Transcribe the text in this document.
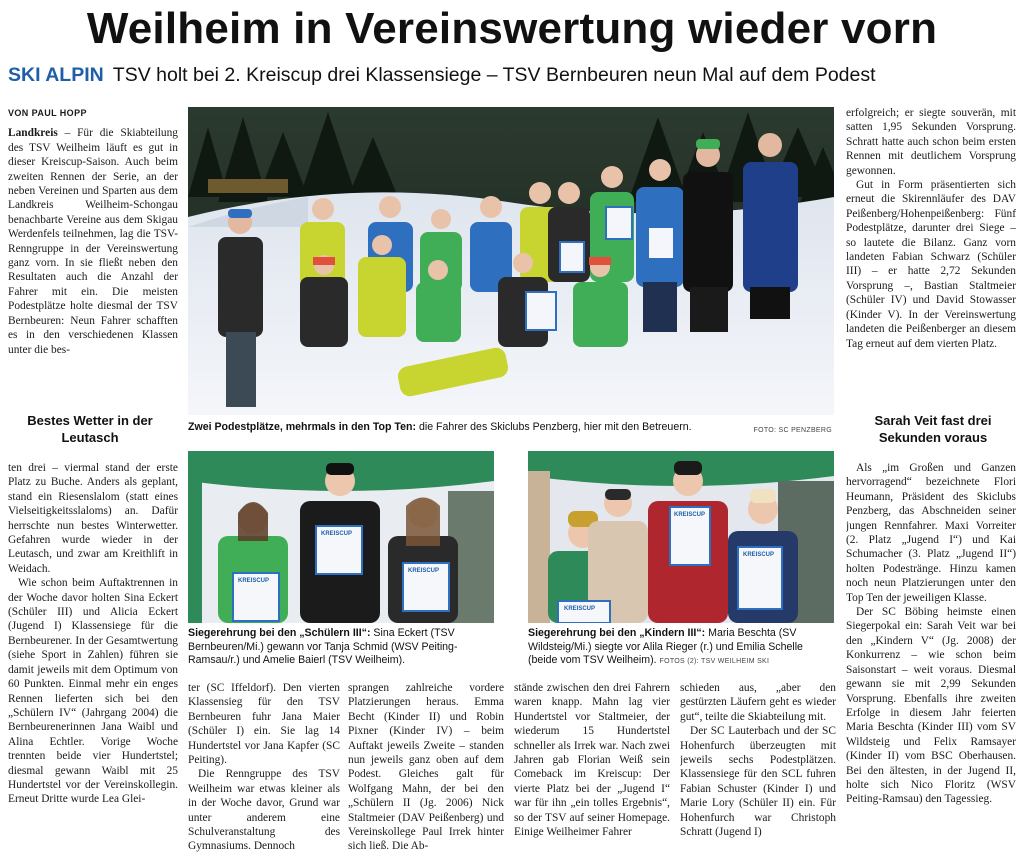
Weilheim in Vereinswertung wieder vorn
SKI ALPIN TSV holt bei 2. Kreiscup drei Klassensiege – TSV Bernbeuren neun Mal auf dem Podest
VON PAUL HOPP

Landkreis – Für die Skiabteilung des TSV Weilheim läuft es gut in dieser Kreiscup-Saison. Auch beim zweiten Rennen der Serie, an der neben Vereinen und Sparten aus dem Landkreis Weilheim-Schongau benachbarte Vereine aus dem Skigau Werdenfels teilnehmen, lag die TSV-Renngruppe in der Vereinswertung ganz vorn. In sie fließt neben den Resultaten auch die Anzahl der Fahrer mit ein. Die meisten Podestplätze holte diesmal der TSV Bernbeuren: Neun Fahrer schafften es in den verschiedenen Klassen unter die bes-

Bestes Wetter in der Leutasch

ten drei – viermal stand der erste Platz zu Buche. Anders als geplant, stand ein Riesenslalom (statt eines Vielseitigkeitsslaloms) an. Dafür herrschte nun bestes Winterwetter. Gefahren wurde wieder in der Leutasch, und zwar am Kreithlift in Weidach.

Wie schon beim Auftaktrennen in der Woche davor holten Sina Eckert (Schüler III) und Alicia Eckert (Jugend I) Klassensiege für die Bernbeurener. In der Gesamtwertung (siehe Sport in Zahlen) führen sie damit jeweils mit dem Optimum von 60 Punkten. Einmal mehr ein enges Rennen lieferten sich bei den „Schülern IV“ (Jahrgang 2004) die Bernbeurenerinnen Jana Waibl und Alina Echtler. Vorige Woche trennten beide vier Hundertstel; diesmal gewann Waibl mit 25 Hundertstel vor der Vereinskollegin. Erneut Dritte wurde Lea Glei-

Zwei Podestplätze, mehrmals in den Top Ten: die Fahrer des Skiclubs Penzberg, hier mit den Betreuern.	FOTO: SC PENZBERG

erfolgreich; er siegte souverän, mit satten 1,95 Sekunden Vorsprung. Schratt hatte auch schon beim ersten Rennen mit deutlichem Vorsprung gewonnen.

Gut in Form präsentierten sich erneut die Skirennläufer des DAV Peißenberg/Hohenpeißenberg: Fünf Podestplätze, darunter drei Siege – so lautete die Bilanz. Ganz vorn landeten Fabian Schwarz (Schüler III) – er hatte 2,72 Sekunden Vorsprung –, Bastian Staltmeier (Schüler IV) und David Stowasser (Kinder V). In der Vereinswertung landeten die Peißenberger an diesem Tag erneut auf dem vierten Platz.

Sarah Veit fast drei Sekunden voraus

Als „im Großen und Ganzen hervorragend“ bezeichnete Flori Heumann, Präsident des Skiclubs Penzberg, das Abschneiden seiner jungen Rennfahrer. Maxi Vorreiter (2. Platz „Jugend I“) und Kai Schumacher (3. Platz „Jugend II“) holten Podestränge. Hinzu kamen noch neun Platzierungen unter den Top Ten der jeweiligen Klasse.

Der SC Böbing heimste einen Siegerpokal ein: Sarah Veit war bei den „Kindern V“ (Jg. 2008) der Konkurrenz – wie schon beim Saisonstart – weit voraus. Diesmal gewann sie mit 2,99 Sekunden Vorsprung. Ebenfalls ihre zweiten Erfolge in diesem Jahr feierten Maria Beschta (Kinder III) vom SV Wildsteig und Felix Ramsayer (Kinder II) vom BSC Oberhausen. Bei den ältesten, in der Jugend II, holte sich Nico Floritz (WSV Peiting-Ramsau) den Tagessieg.

KREISCUP
KREISCUP
KREISCUP
Siegerehrung bei den „Schülern III“: Sina Eckert (TSV Bernbeuren/Mi.) gewann vor Tanja Schmid (WSV Peiting-Ramsau/r.) und Amelie Baierl (TSV Weilheim).
KREISCUP
KREISCUP
KREISCUP
Siegerehrung bei den „Kindern III“: Maria Beschta (SV Wildsteig/Mi.) siegte vor Alila Rieger (r.) und Emilia Schelle (beide vom TSV Weilheim). FOTOS (2): TSV WEILHEIM SKI

ter (SC Iffeldorf). Den vierten Klassensieg für den TSV Bernbeuren fuhr Jana Maier (Schüler I) ein. Sie lag 14 Hundertstel vor Jana Kapfer (SC Peiting).

Die Renngruppe des TSV Weilheim war etwas kleiner als in der Woche davor, Grund war unter anderem eine Schulveranstaltung des Gymnasiums. Dennoch

sprangen zahlreiche vordere Platzierungen heraus. Emma Becht (Kinder II) und Robin Pixner (Kinder IV) – beim Auftakt jeweils Zweite – standen nun jeweils ganz oben auf dem Podest. Gleiches galt für Wolfgang Mahn, der bei den „Schülern II (Jg. 2006) Nick Staltmeier (DAV Peißenberg) und Vereinskollege Paul Irrek hinter sich ließ. Die Ab-

stände zwischen den drei Fahrern waren knapp. Mahn lag vier Hundertstel vor Staltmeier, der wiederum 15 Hundertstel schneller als Irrek war. Nach zwei Jahren gab Florian Weiß sein Comeback im Kreiscup: Der vierte Platz bei der „Jugend I“ war für ihn „ein tolles Ergebnis“, so der TSV auf seiner Homepage. Einige Weilheimer Fahrer

schieden aus, „aber den gestürzten Läufern geht es wieder gut“, teilte die Skiabteilung mit.

Der SC Lauterbach und der SC Hohenfurch überzeugten mit jeweils sechs Podestplätzen. Klassensiege für den SCL fuhren Fabian Schuster (Kinder I) und Marie Lory (Schüler II) ein. Für Hohenfurch war Christoph Schratt (Jugend I)
